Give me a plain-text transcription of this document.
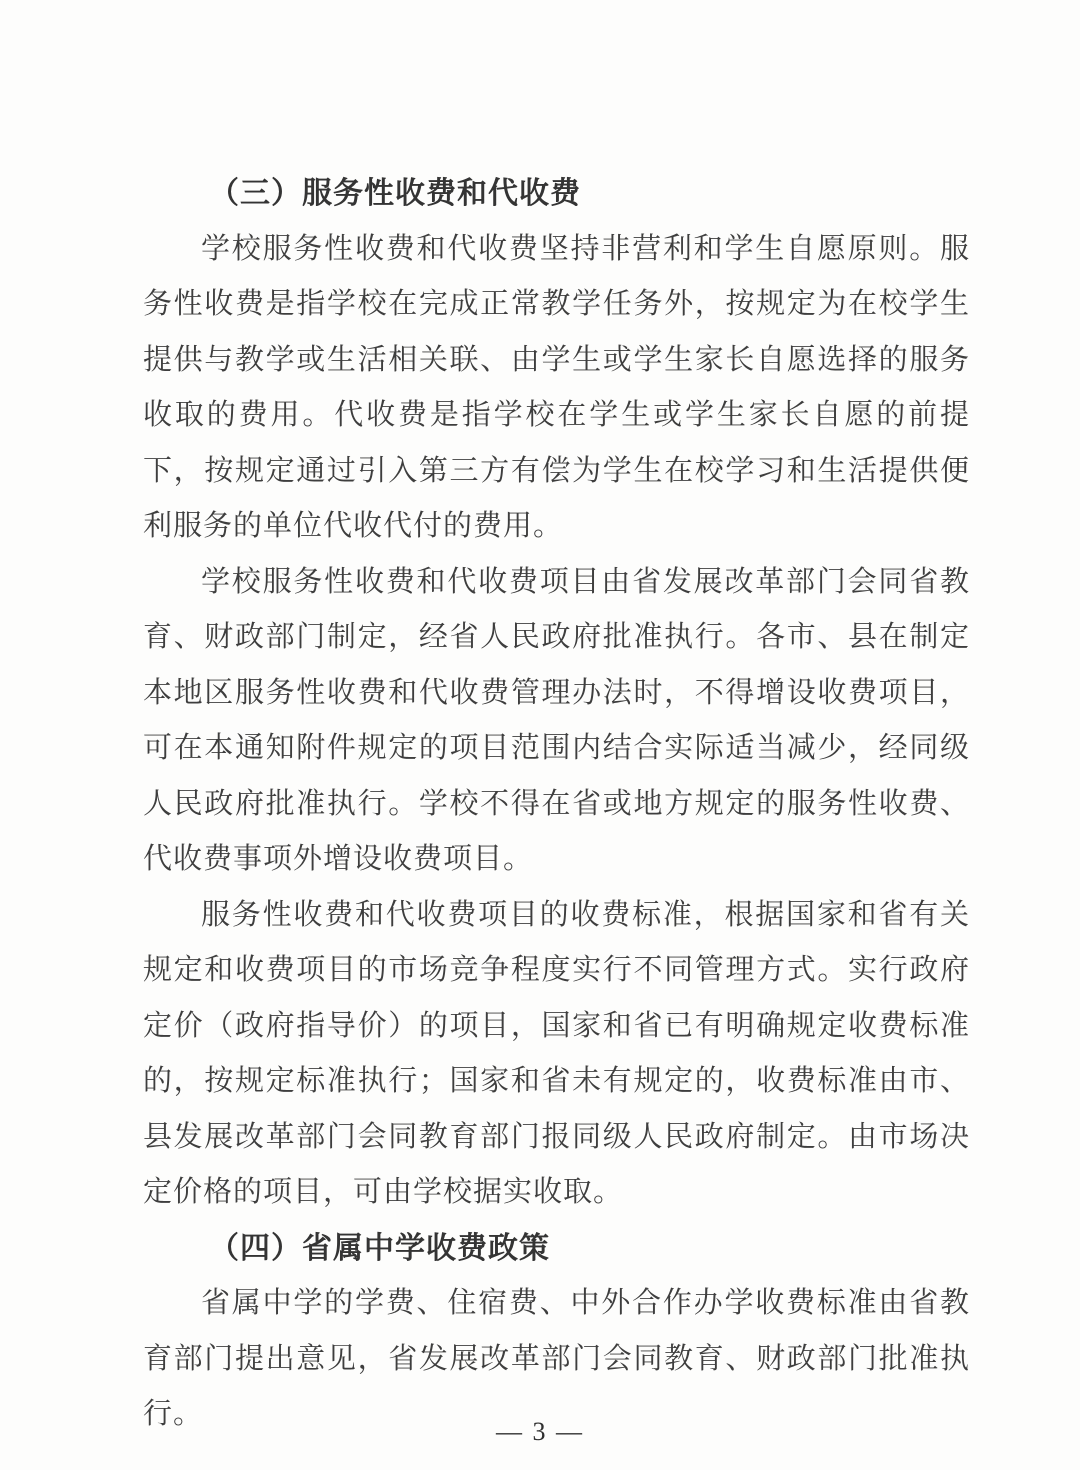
（三）服务性收费和代收费

学校服务性收费和代收费坚持非营利和学生自愿原则。服务性收费是指学校在完成正常教学任务外，按规定为在校学生提供与教学或生活相关联、由学生或学生家长自愿选择的服务收取的费用。代收费是指学校在学生或学生家长自愿的前提下，按规定通过引入第三方有偿为学生在校学习和生活提供便利服务的单位代收代付的费用。

学校服务性收费和代收费项目由省发展改革部门会同省教育、财政部门制定，经省人民政府批准执行。各市、县在制定本地区服务性收费和代收费管理办法时，不得增设收费项目，可在本通知附件规定的项目范围内结合实际适当减少，经同级人民政府批准执行。学校不得在省或地方规定的服务性收费、代收费事项外增设收费项目。

服务性收费和代收费项目的收费标准，根据国家和省有关规定和收费项目的市场竞争程度实行不同管理方式。实行政府定价（政府指导价）的项目，国家和省已有明确规定收费标准的，按规定标准执行；国家和省未有规定的，收费标准由市、县发展改革部门会同教育部门报同级人民政府制定。由市场决定价格的项目，可由学校据实收取。

（四）省属中学收费政策

省属中学的学费、住宿费、中外合作办学收费标准由省教育部门提出意见，省发展改革部门会同教育、财政部门批准执行。

— 3 —
